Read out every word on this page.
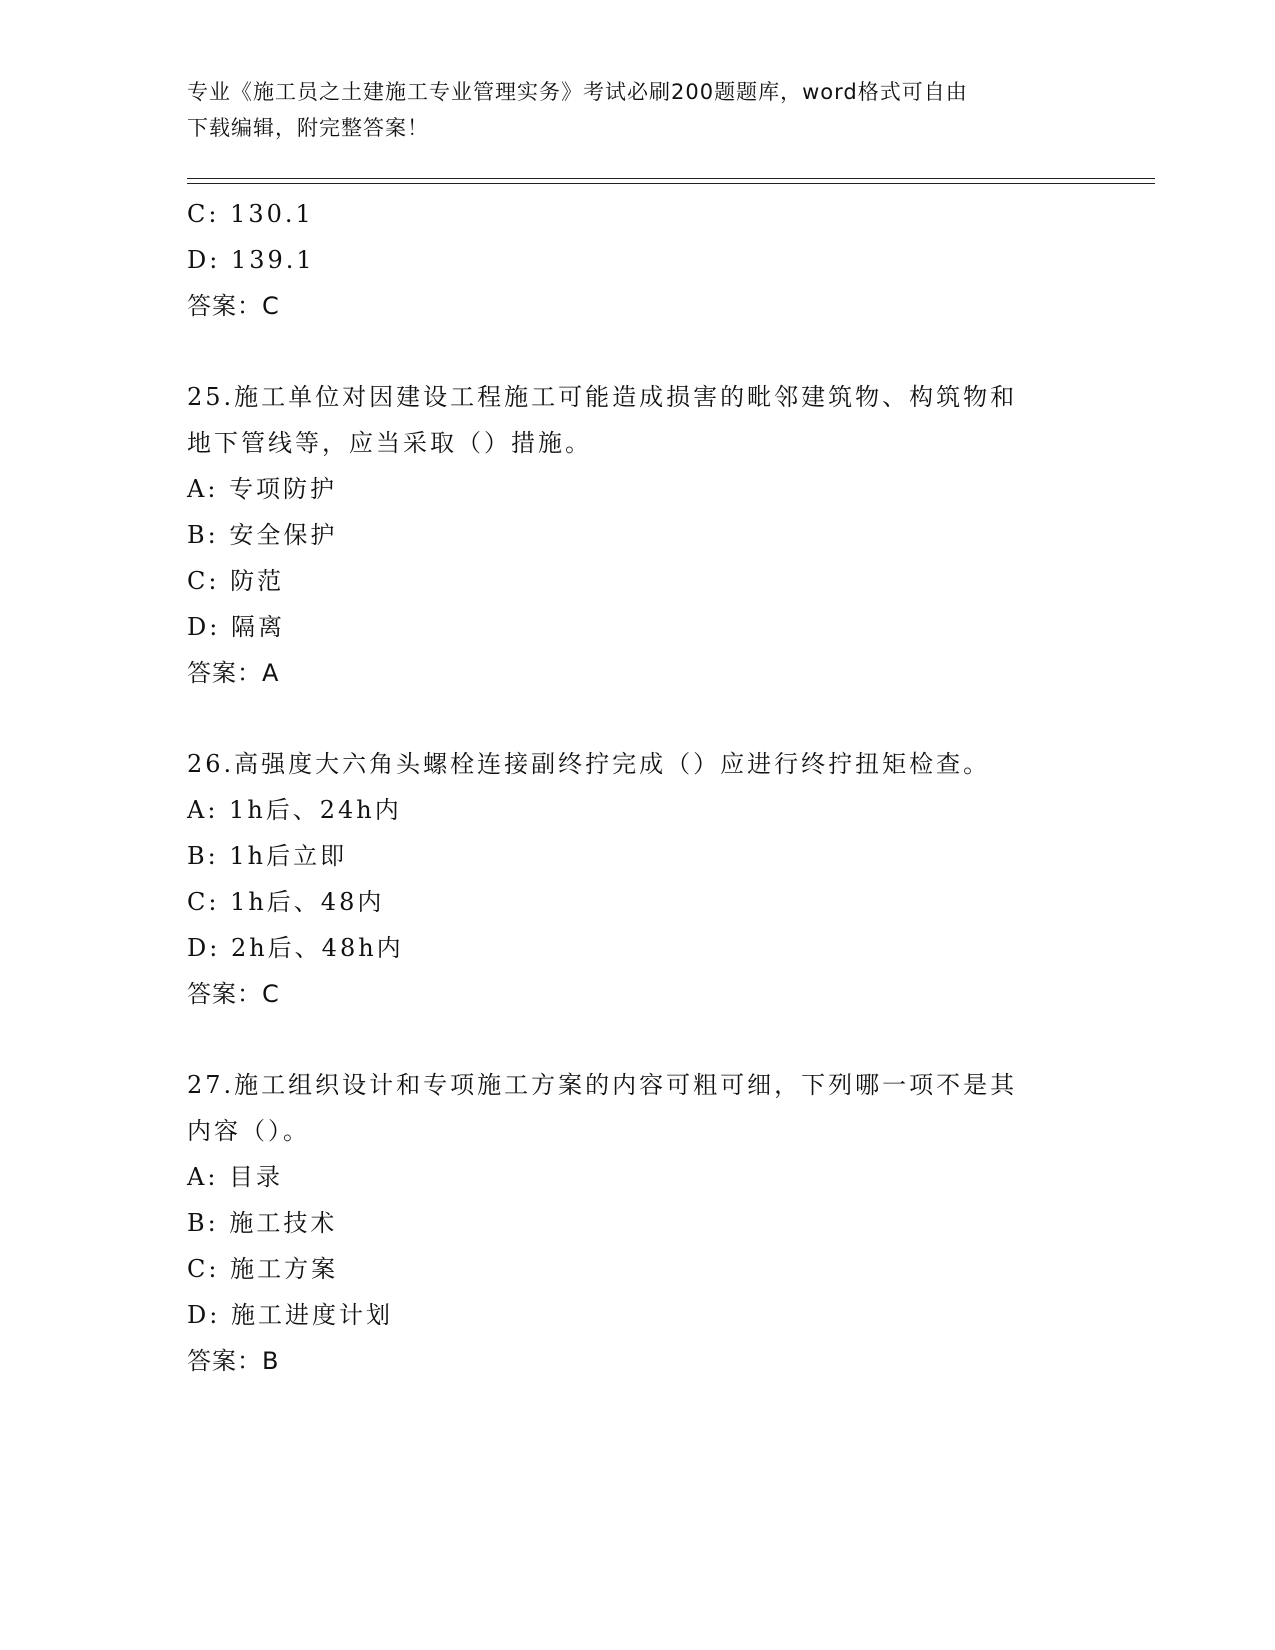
专业《施工员之土建施工专业管理实务》考试必刷200题题库，word格式可自由
下载编辑，附完整答案！
C: 130.1
D: 139.1
答案：C
25.施工单位对因建设工程施工可能造成损害的毗邻建筑物、构筑物和
地下管线等，应当采取（）措施。
A: 专项防护
B: 安全保护
C: 防范
D: 隔离
答案：A
26.高强度大六角头螺栓连接副终拧完成（）应进行终拧扭矩检查。
A: 1h后、24h内
B: 1h后立即
C: 1h后、48内
D: 2h后、48h内
答案：C
27.施工组织设计和专项施工方案的内容可粗可细，下列哪一项不是其
内容（）。
A: 目录
B: 施工技术
C: 施工方案
D: 施工进度计划
答案：B
